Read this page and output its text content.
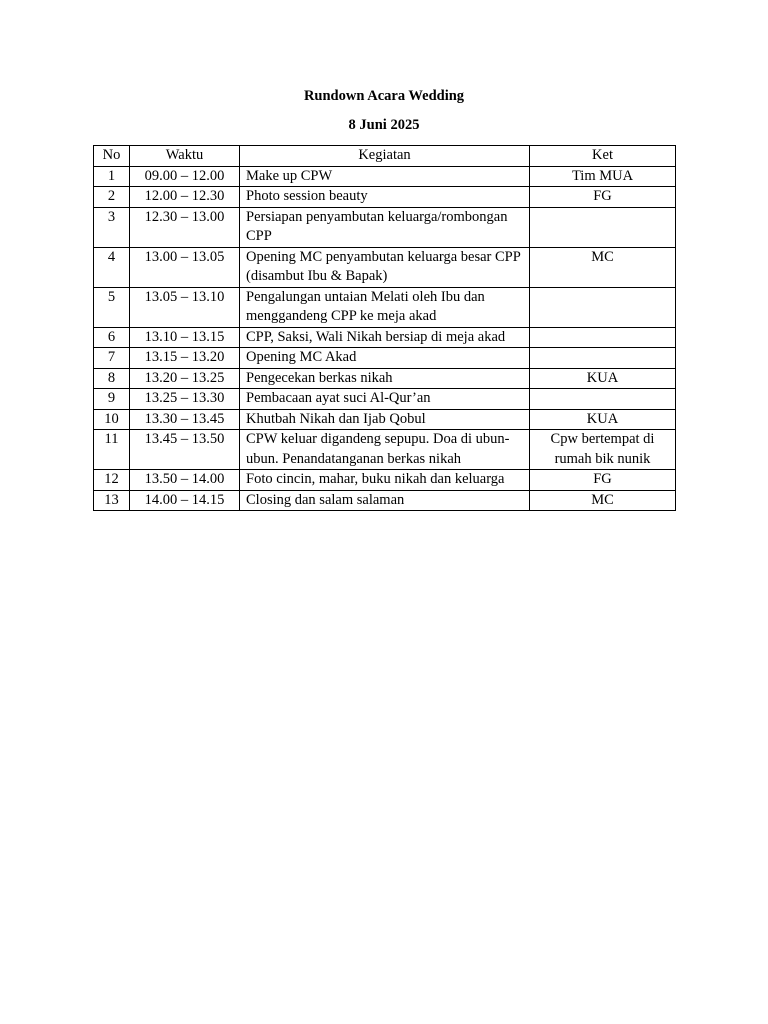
Rundown Acara Wedding
8 Juni 2025
No	Waktu	Kegiatan	Ket
1	09.00 – 12.00	Make up CPW	Tim MUA
2	12.00 – 12.30	Photo session beauty	FG
3	12.30 – 13.00	Persiapan penyambutan keluarga/rombongan CPP	
4	13.00 – 13.05	Opening MC penyambutan keluarga besar CPP (disambut Ibu & Bapak)	MC
5	13.05 – 13.10	Pengalungan untaian Melati oleh Ibu dan menggandeng CPP ke meja akad	
6	13.10 – 13.15	CPP, Saksi, Wali Nikah bersiap di meja akad	
7	13.15 – 13.20	Opening MC Akad	
8	13.20 – 13.25	Pengecekan berkas nikah	KUA
9	13.25 – 13.30	Pembacaan ayat suci Al-Qur’an	
10	13.30 – 13.45	Khutbah Nikah dan Ijab Qobul	KUA
11	13.45 – 13.50	CPW keluar digandeng sepupu. Doa di ubun-ubun. Penandatanganan berkas nikah	Cpw bertempat di rumah bik nunik
12	13.50 – 14.00	Foto cincin, mahar, buku nikah dan keluarga	FG
13	14.00 – 14.15	Closing dan salam salaman	MC
